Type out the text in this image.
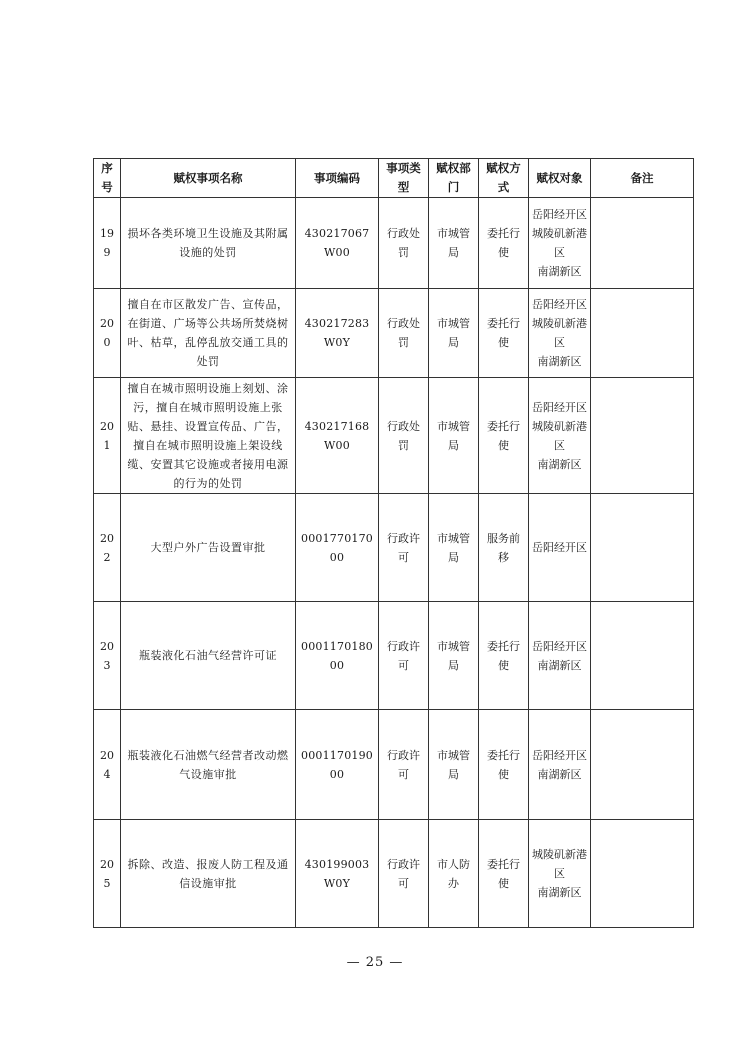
序号	赋权事项名称	事项编码	事项类型	赋权部门	赋权方式	赋权对象	备注
199	损坏各类环境卫生设施及其附属设施的处罚	430217067W00	行政处罚	市城管局	委托行使	岳阳经开区
城陵矶新港区
南湖新区	

200	擅自在市区散发广告、宣传品，在街道、广场等公共场所焚烧树叶、枯草，乱停乱放交通工具的处罚	430217283W0Y	行政处罚	市城管局	委托行使	岳阳经开区
城陵矶新港区
南湖新区	

201	擅自在城市照明设施上刻划、涂污，擅自在城市照明设施上张贴、悬挂、设置宣传品、广告，擅自在城市照明设施上架设线缆、安置其它设施或者接用电源的行为的处罚	430217168W00	行政处罚	市城管局	委托行使	岳阳经开区
城陵矶新港区
南湖新区	

202	大型户外广告设置审批	000177017000	行政许可	市城管局	服务前移	岳阳经开区	

203	瓶装液化石油气经营许可证	000117018000	行政许可	市城管局	委托行使	岳阳经开区
南湖新区	

204	瓶装液化石油燃气经营者改动燃气设施审批	000117019000	行政许可	市城管局	委托行使	岳阳经开区
南湖新区	

205	拆除、改造、报废人防工程及通信设施审批	430199003W0Y	行政许可	市人防办	委托行使	城陵矶新港区
南湖新区	

— 25 —
